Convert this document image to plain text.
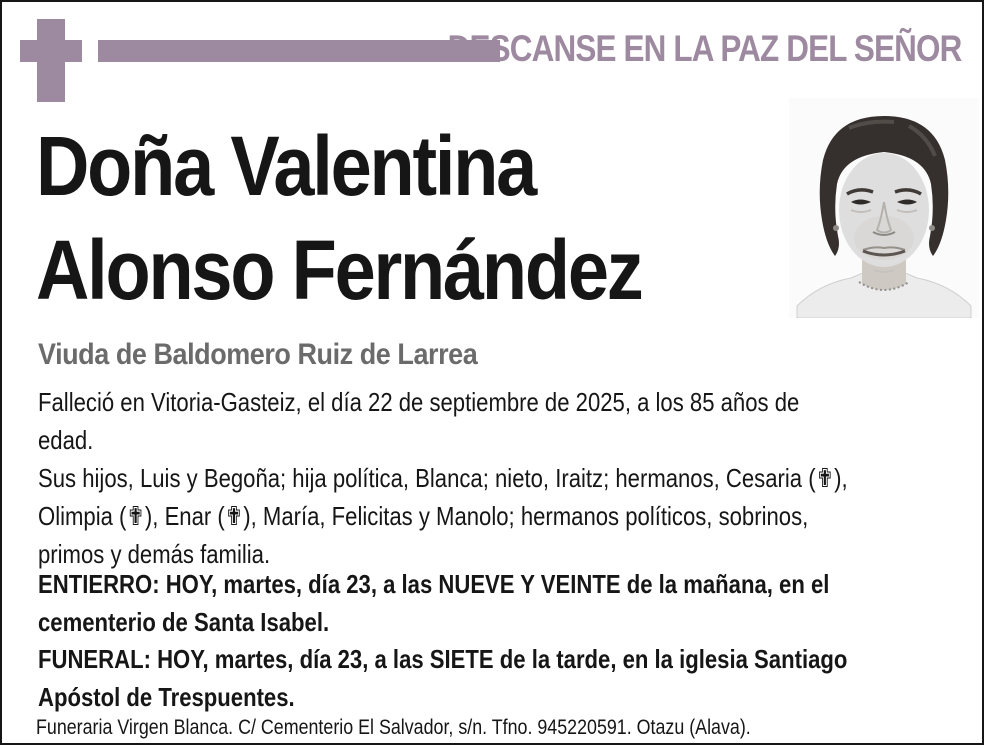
DESCANSE EN LA PAZ DEL SEÑOR
Doña Valentina
Alonso Fernández
Viuda de Baldomero Ruiz de Larrea
Falleció en Vitoria-Gasteiz, el día 22 de septiembre de 2025, a los 85 años de
edad.
Sus hijos, Luis y Begoña; hija política, Blanca; nieto, Iraitz; hermanos, Cesaria (✟),
Olimpia (✟), Enar (✟), María, Felicitas y Manolo; hermanos políticos, sobrinos,
primos y demás familia.
ENTIERRO: HOY, martes, día 23, a las NUEVE Y VEINTE de la mañana, en el
cementerio de Santa Isabel.
FUNERAL: HOY, martes, día 23, a las SIETE de la tarde, en la iglesia Santiago
Apóstol de Trespuentes.
Funeraria Virgen Blanca. C/ Cementerio El Salvador, s/n. Tfno. 945220591. Otazu (Alava).
